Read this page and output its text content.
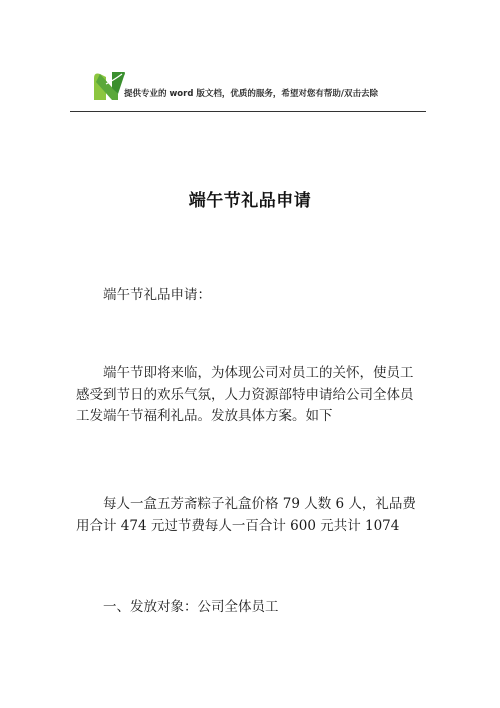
提供专业的 word 版文档，优质的服务，希望对您有帮助/双击去除
端午节礼品申请
端午节礼品申请：
端午节即将来临，为体现公司对员工的关怀，使员工感受到节日的欢乐气氛，人力资源部特申请给公司全体员工发端午节福利礼品。发放具体方案。如下
每人一盒五芳斋粽子礼盒价格 79 人数 6 人，礼品费用合计 474 元过节费每人一百合计 600 元共计 1074
一、发放对象：公司全体员工
